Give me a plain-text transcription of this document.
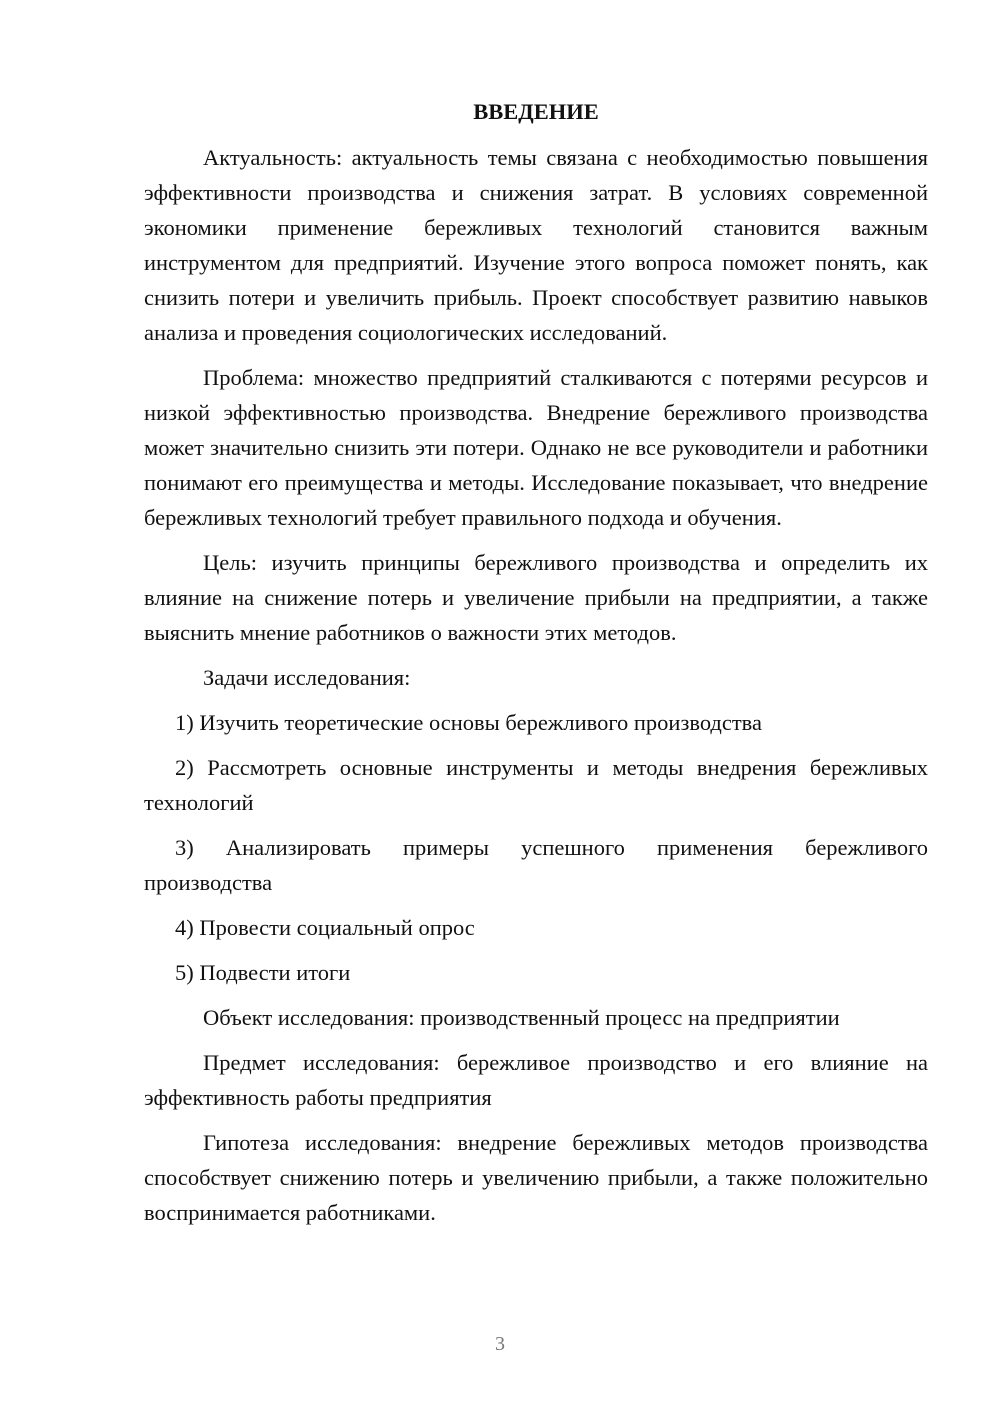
ВВЕДЕНИЕ

Актуальность: актуальность темы связана с необходимостью повышения эффективности производства и снижения затрат. В условиях современной экономики применение бережливых технологий становится важным инструментом для предприятий. Изучение этого вопроса поможет понять, как снизить потери и увеличить прибыль. Проект способствует развитию навыков анализа и проведения социологических исследований.

Проблема: множество предприятий сталкиваются с потерями ресурсов и низкой эффективностью производства. Внедрение бережливого производства может значительно снизить эти потери. Однако не все руководители и работники понимают его преимущества и методы. Исследование показывает, что внедрение бережливых технологий требует правильного подхода и обучения.

Цель: изучить принципы бережливого производства и определить их влияние на снижение потерь и увеличение прибыли на предприятии, а также выяснить мнение работников о важности этих методов.

Задачи исследования:

1) Изучить теоретические основы бережливого производства

2) Рассмотреть основные инструменты и методы внедрения бережливых технологий

3) Анализировать примеры успешного применения бережливого производства

4) Провести социальный опрос

5) Подвести итоги

Объект исследования: производственный процесс на предприятии

Предмет исследования: бережливое производство и его влияние на эффективность работы предприятия

Гипотеза исследования: внедрение бережливых методов производства способствует снижению потерь и увеличению прибыли, а также положительно воспринимается работниками.

3
